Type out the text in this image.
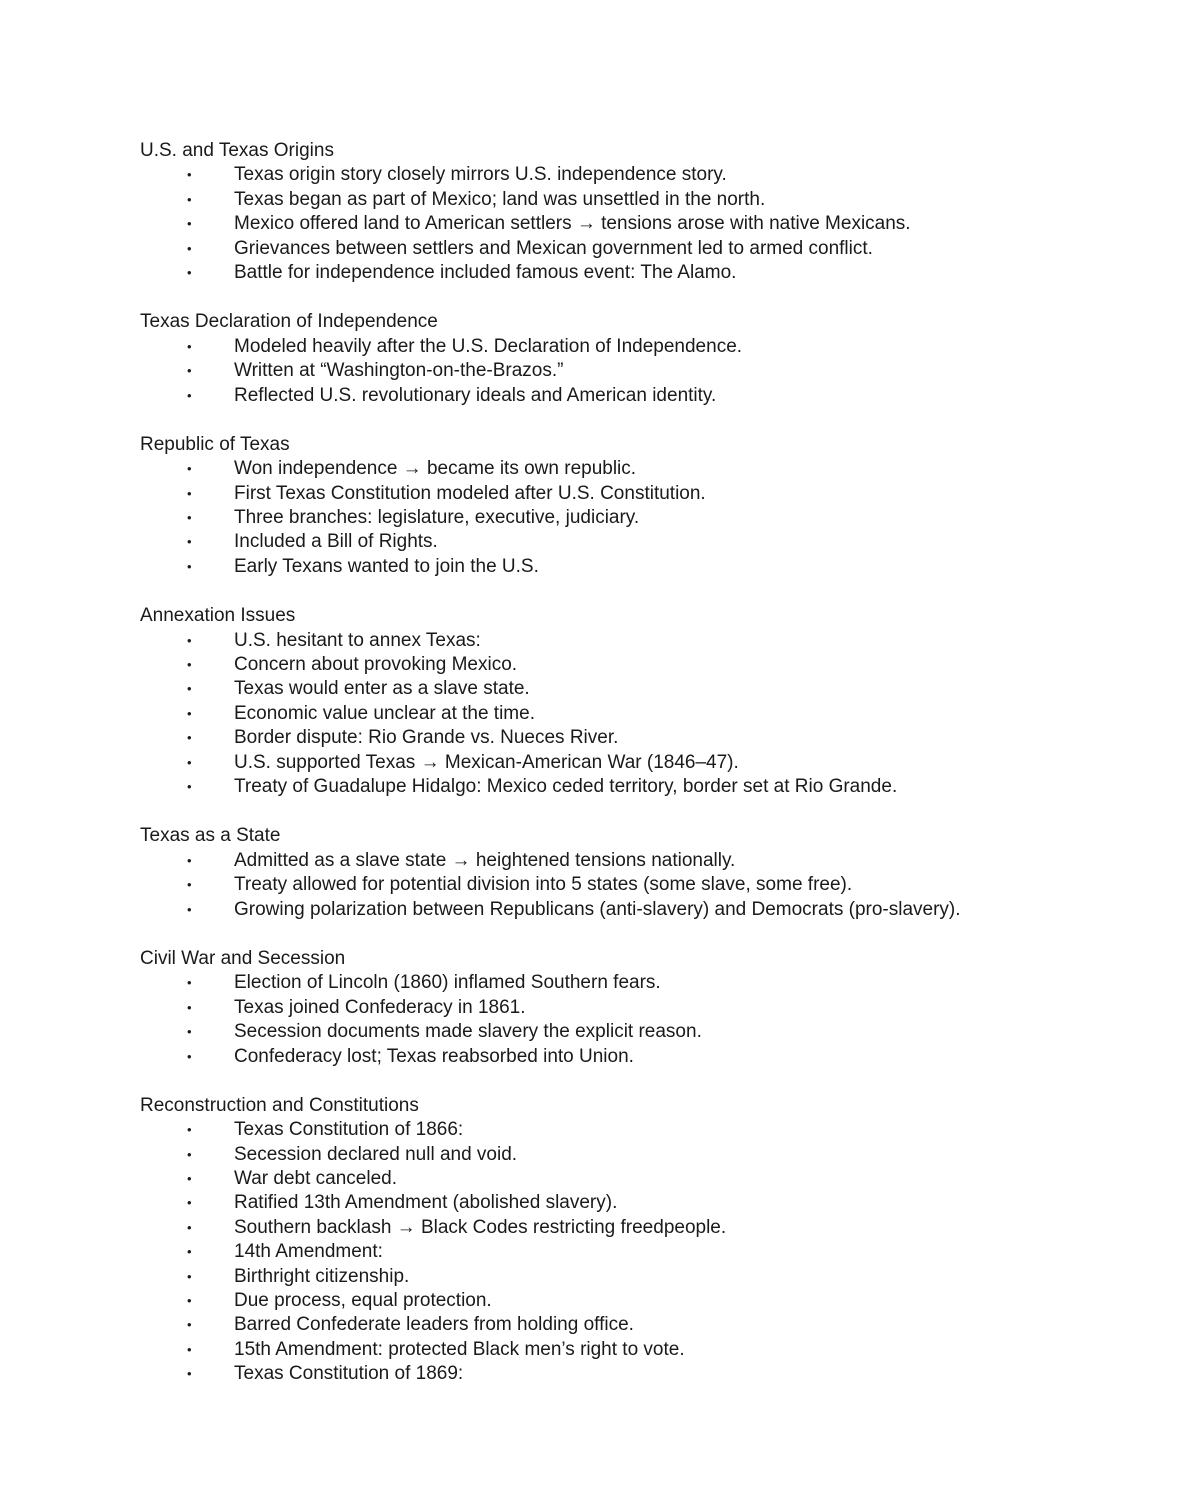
U.S. and Texas Origins
• Texas origin story closely mirrors U.S. independence story.
• Texas began as part of Mexico; land was unsettled in the north.
• Mexico offered land to American settlers → tensions arose with native Mexicans.
• Grievances between settlers and Mexican government led to armed conflict.
• Battle for independence included famous event: The Alamo.
Texas Declaration of Independence
• Modeled heavily after the U.S. Declaration of Independence.
• Written at “Washington-on-the-Brazos.”
• Reflected U.S. revolutionary ideals and American identity.
Republic of Texas
• Won independence → became its own republic.
• First Texas Constitution modeled after U.S. Constitution.
• Three branches: legislature, executive, judiciary.
• Included a Bill of Rights.
• Early Texans wanted to join the U.S.
Annexation Issues
• U.S. hesitant to annex Texas:
• Concern about provoking Mexico.
• Texas would enter as a slave state.
• Economic value unclear at the time.
• Border dispute: Rio Grande vs. Nueces River.
• U.S. supported Texas → Mexican-American War (1846–47).
• Treaty of Guadalupe Hidalgo: Mexico ceded territory, border set at Rio Grande.
Texas as a State
• Admitted as a slave state → heightened tensions nationally.
• Treaty allowed for potential division into 5 states (some slave, some free).
• Growing polarization between Republicans (anti-slavery) and Democrats (pro-slavery).
Civil War and Secession
• Election of Lincoln (1860) inflamed Southern fears.
• Texas joined Confederacy in 1861.
• Secession documents made slavery the explicit reason.
• Confederacy lost; Texas reabsorbed into Union.
Reconstruction and Constitutions
• Texas Constitution of 1866:
• Secession declared null and void.
• War debt canceled.
• Ratified 13th Amendment (abolished slavery).
• Southern backlash → Black Codes restricting freedpeople.
• 14th Amendment:
• Birthright citizenship.
• Due process, equal protection.
• Barred Confederate leaders from holding office.
• 15th Amendment: protected Black men’s right to vote.
• Texas Constitution of 1869:
